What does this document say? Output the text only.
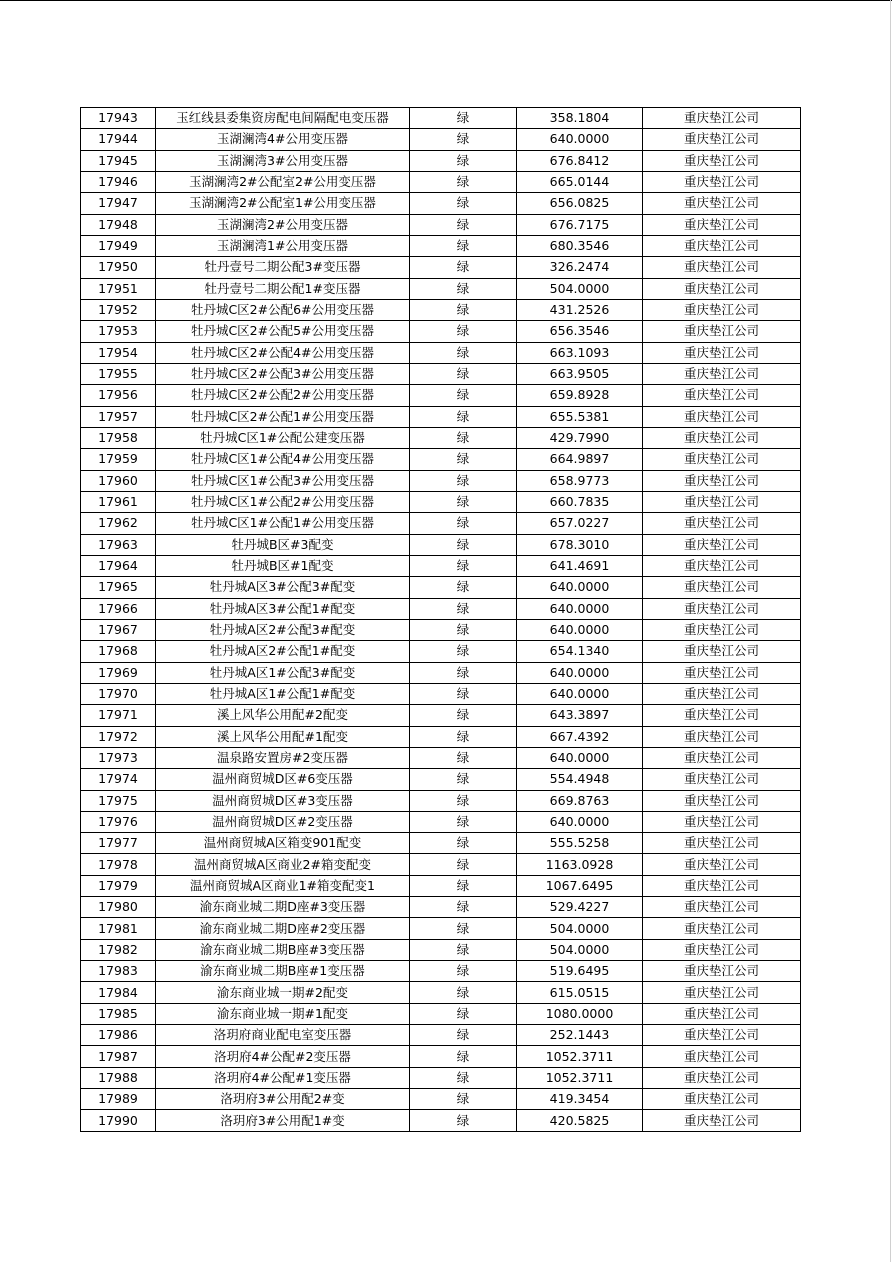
17943	玉红线县委集资房配电间隔配电变压器	绿	358.1804	重庆垫江公司
17944	玉湖澜湾4#公用变压器	绿	640.0000	重庆垫江公司
17945	玉湖澜湾3#公用变压器	绿	676.8412	重庆垫江公司
17946	玉湖澜湾2#公配室2#公用变压器	绿	665.0144	重庆垫江公司
17947	玉湖澜湾2#公配室1#公用变压器	绿	656.0825	重庆垫江公司
17948	玉湖澜湾2#公用变压器	绿	676.7175	重庆垫江公司
17949	玉湖澜湾1#公用变压器	绿	680.3546	重庆垫江公司
17950	牡丹壹号二期公配3#变压器	绿	326.2474	重庆垫江公司
17951	牡丹壹号二期公配1#变压器	绿	504.0000	重庆垫江公司
17952	牡丹城C区2#公配6#公用变压器	绿	431.2526	重庆垫江公司
17953	牡丹城C区2#公配5#公用变压器	绿	656.3546	重庆垫江公司
17954	牡丹城C区2#公配4#公用变压器	绿	663.1093	重庆垫江公司
17955	牡丹城C区2#公配3#公用变压器	绿	663.9505	重庆垫江公司
17956	牡丹城C区2#公配2#公用变压器	绿	659.8928	重庆垫江公司
17957	牡丹城C区2#公配1#公用变压器	绿	655.5381	重庆垫江公司
17958	牡丹城C区1#公配公建变压器	绿	429.7990	重庆垫江公司
17959	牡丹城C区1#公配4#公用变压器	绿	664.9897	重庆垫江公司
17960	牡丹城C区1#公配3#公用变压器	绿	658.9773	重庆垫江公司
17961	牡丹城C区1#公配2#公用变压器	绿	660.7835	重庆垫江公司
17962	牡丹城C区1#公配1#公用变压器	绿	657.0227	重庆垫江公司
17963	牡丹城B区#3配变	绿	678.3010	重庆垫江公司
17964	牡丹城B区#1配变	绿	641.4691	重庆垫江公司
17965	牡丹城A区3#公配3#配变	绿	640.0000	重庆垫江公司
17966	牡丹城A区3#公配1#配变	绿	640.0000	重庆垫江公司
17967	牡丹城A区2#公配3#配变	绿	640.0000	重庆垫江公司
17968	牡丹城A区2#公配1#配变	绿	654.1340	重庆垫江公司
17969	牡丹城A区1#公配3#配变	绿	640.0000	重庆垫江公司
17970	牡丹城A区1#公配1#配变	绿	640.0000	重庆垫江公司
17971	溪上风华公用配#2配变	绿	643.3897	重庆垫江公司
17972	溪上风华公用配#1配变	绿	667.4392	重庆垫江公司
17973	温泉路安置房#2变压器	绿	640.0000	重庆垫江公司
17974	温州商贸城D区#6变压器	绿	554.4948	重庆垫江公司
17975	温州商贸城D区#3变压器	绿	669.8763	重庆垫江公司
17976	温州商贸城D区#2变压器	绿	640.0000	重庆垫江公司
17977	温州商贸城A区箱变901配变	绿	555.5258	重庆垫江公司
17978	温州商贸城A区商业2#箱变配变	绿	1163.0928	重庆垫江公司
17979	温州商贸城A区商业1#箱变配变1	绿	1067.6495	重庆垫江公司
17980	渝东商业城二期D座#3变压器	绿	529.4227	重庆垫江公司
17981	渝东商业城二期D座#2变压器	绿	504.0000	重庆垫江公司
17982	渝东商业城二期B座#3变压器	绿	504.0000	重庆垫江公司
17983	渝东商业城二期B座#1变压器	绿	519.6495	重庆垫江公司
17984	渝东商业城一期#2配变	绿	615.0515	重庆垫江公司
17985	渝东商业城一期#1配变	绿	1080.0000	重庆垫江公司
17986	洛玥府商业配电室变压器	绿	252.1443	重庆垫江公司
17987	洛玥府4#公配#2变压器	绿	1052.3711	重庆垫江公司
17988	洛玥府4#公配#1变压器	绿	1052.3711	重庆垫江公司
17989	洛玥府3#公用配2#变	绿	419.3454	重庆垫江公司
17990	洛玥府3#公用配1#变	绿	420.5825	重庆垫江公司
